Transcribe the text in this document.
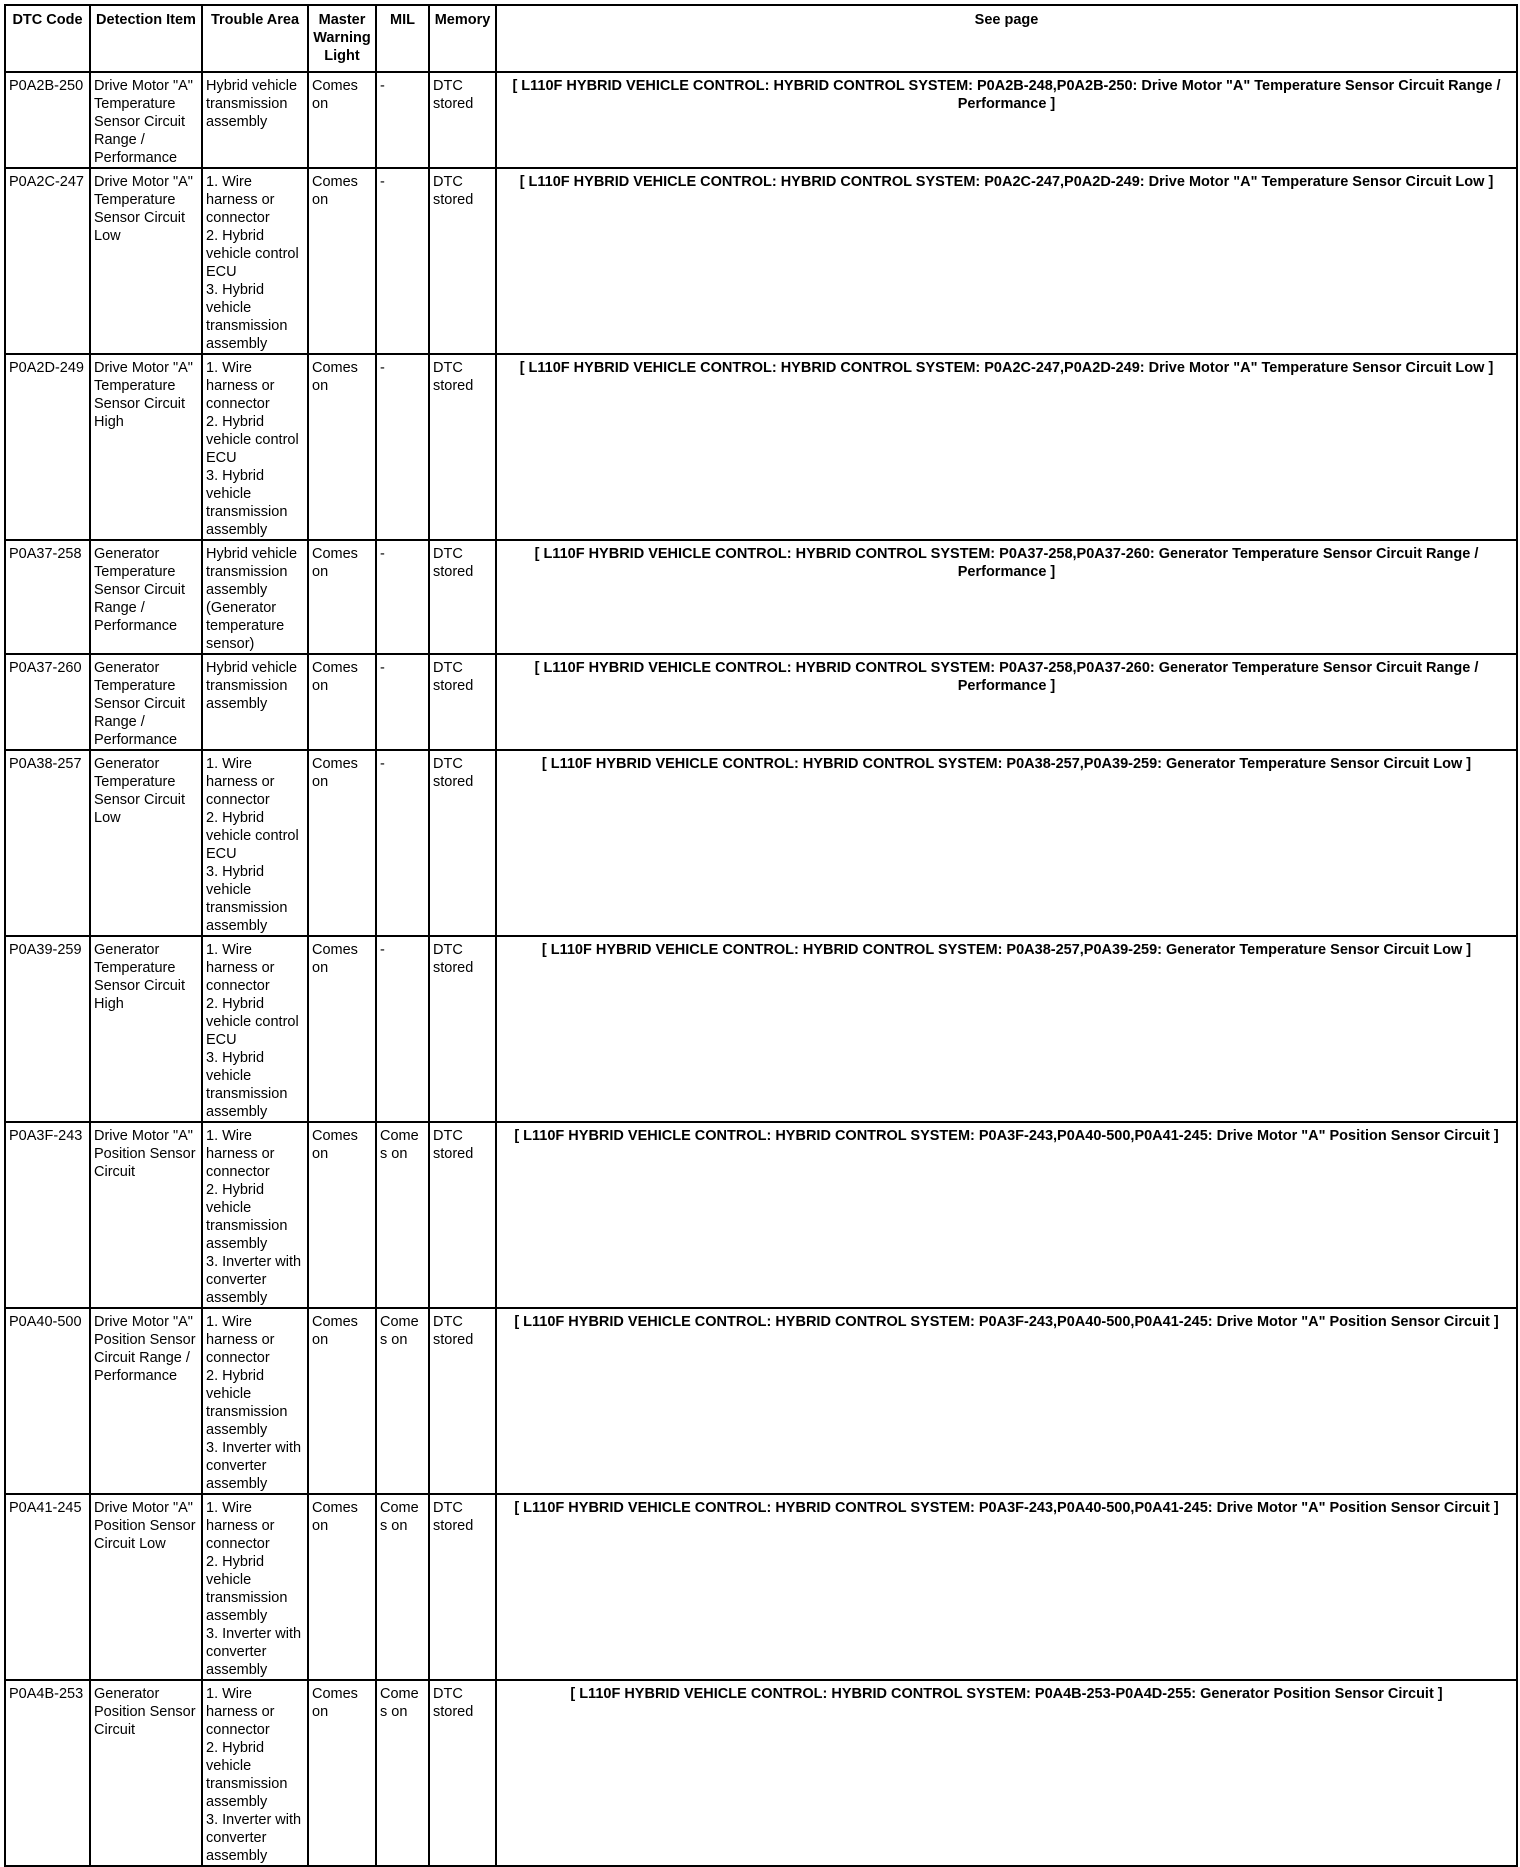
DTC Code	Detection Item	Trouble Area	Master Warning Light	MIL	Memory	See page
P0A2B-250	Drive Motor "A" Temperature Sensor Circuit Range / Performance	Hybrid vehicle transmission assembly	Comes on	-	DTC stored	[ L110F HYBRID VEHICLE CONTROL: HYBRID CONTROL SYSTEM: P0A2B-248,P0A2B-250: Drive Motor "A" Temperature Sensor Circuit Range / Performance ]
P0A2C-247	Drive Motor "A" Temperature Sensor Circuit Low	1. Wire harness or connector
2. Hybrid vehicle control ECU
3. Hybrid vehicle transmission assembly	Comes on	-	DTC stored	[ L110F HYBRID VEHICLE CONTROL: HYBRID CONTROL SYSTEM: P0A2C-247,P0A2D-249: Drive Motor "A" Temperature Sensor Circuit Low ]
P0A2D-249	Drive Motor "A" Temperature Sensor Circuit High	1. Wire harness or connector
2. Hybrid vehicle control ECU
3. Hybrid vehicle transmission assembly	Comes on	-	DTC stored	[ L110F HYBRID VEHICLE CONTROL: HYBRID CONTROL SYSTEM: P0A2C-247,P0A2D-249: Drive Motor "A" Temperature Sensor Circuit Low ]
P0A37-258	Generator Temperature Sensor Circuit Range / Performance	Hybrid vehicle transmission assembly (Generator temperature sensor)	Comes on	-	DTC stored	[ L110F HYBRID VEHICLE CONTROL: HYBRID CONTROL SYSTEM: P0A37-258,P0A37-260: Generator Temperature Sensor Circuit Range / Performance ]
P0A37-260	Generator Temperature Sensor Circuit Range / Performance	Hybrid vehicle transmission assembly	Comes on	-	DTC stored	[ L110F HYBRID VEHICLE CONTROL: HYBRID CONTROL SYSTEM: P0A37-258,P0A37-260: Generator Temperature Sensor Circuit Range / Performance ]
P0A38-257	Generator Temperature Sensor Circuit Low	1. Wire harness or connector
2. Hybrid vehicle control ECU
3. Hybrid vehicle transmission assembly	Comes on	-	DTC stored	[ L110F HYBRID VEHICLE CONTROL: HYBRID CONTROL SYSTEM: P0A38-257,P0A39-259: Generator Temperature Sensor Circuit Low ]
P0A39-259	Generator Temperature Sensor Circuit High	1. Wire harness or connector
2. Hybrid vehicle control ECU
3. Hybrid vehicle transmission assembly	Comes on	-	DTC stored	[ L110F HYBRID VEHICLE CONTROL: HYBRID CONTROL SYSTEM: P0A38-257,P0A39-259: Generator Temperature Sensor Circuit Low ]
P0A3F-243	Drive Motor "A" Position Sensor Circuit	1. Wire harness or connector
2. Hybrid vehicle transmission assembly
3. Inverter with converter assembly	Comes on	Comes on	DTC stored	[ L110F HYBRID VEHICLE CONTROL: HYBRID CONTROL SYSTEM: P0A3F-243,P0A40-500,P0A41-245: Drive Motor "A" Position Sensor Circuit ]
P0A40-500	Drive Motor "A" Position Sensor Circuit Range / Performance	1. Wire harness or connector
2. Hybrid vehicle transmission assembly
3. Inverter with converter assembly	Comes on	Comes on	DTC stored	[ L110F HYBRID VEHICLE CONTROL: HYBRID CONTROL SYSTEM: P0A3F-243,P0A40-500,P0A41-245: Drive Motor "A" Position Sensor Circuit ]
P0A41-245	Drive Motor "A" Position Sensor Circuit Low	1. Wire harness or connector
2. Hybrid vehicle transmission assembly
3. Inverter with converter assembly	Comes on	Comes on	DTC stored	[ L110F HYBRID VEHICLE CONTROL: HYBRID CONTROL SYSTEM: P0A3F-243,P0A40-500,P0A41-245: Drive Motor "A" Position Sensor Circuit ]
P0A4B-253	Generator Position Sensor Circuit	1. Wire harness or connector
2. Hybrid vehicle transmission assembly
3. Inverter with converter assembly	Comes on	Comes on	DTC stored	[ L110F HYBRID VEHICLE CONTROL: HYBRID CONTROL SYSTEM: P0A4B-253-P0A4D-255: Generator Position Sensor Circuit ]
